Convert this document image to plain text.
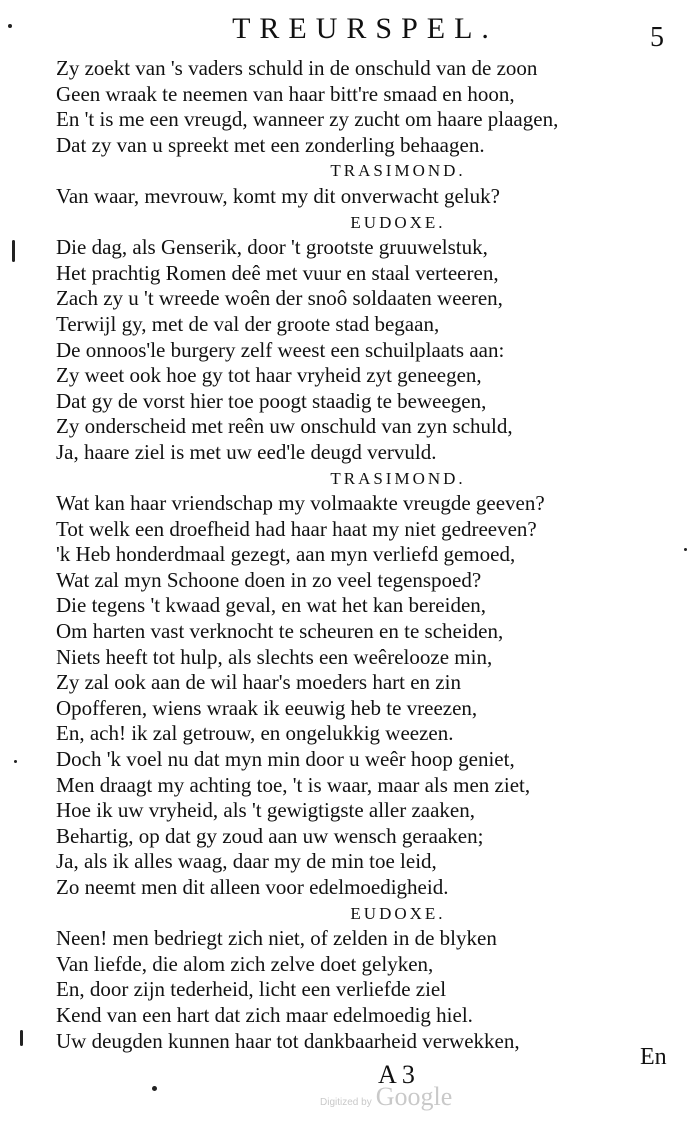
TREURSPEL.	5
Zy zoekt van 's vaders schuld in de onschuld van de zoon
Geen wraak te neemen van haar bitt're smaad en hoon,
En 't is me een vreugd, wanneer zy zucht om haare plaagen,
Dat zy van u spreekt met een zonderling behaagen.
TRASIMOND.
Van waar, mevrouw, komt my dit onverwacht geluk?
EUDOXE.
Die dag, als Genserik, door 't grootste gruuwelstuk,
Het prachtig Romen deê met vuur en staal verteeren,
Zach zy u 't wreede woên der snoô soldaaten weeren,
Terwijl gy, met de val der groote stad begaan,
De onnoos'le burgery zelf weest een schuilplaats aan:
Zy weet ook hoe gy tot haar vryheid zyt geneegen,
Dat gy de vorst hier toe poogt staadig te beweegen,
Zy onderscheid met reên uw onschuld van zyn schuld,
Ja, haare ziel is met uw eed'le deugd vervuld.
TRASIMOND.
Wat kan haar vriendschap my volmaakte vreugde geeven?
Tot welk een droefheid had haar haat my niet gedreeven?
'k Heb honderdmaal gezegt, aan myn verliefd gemoed,
Wat zal myn Schoone doen in zo veel tegenspoed?
Die tegens 't kwaad geval, en wat het kan bereiden,
Om harten vast verknocht te scheuren en te scheiden,
Niets heeft tot hulp, als slechts een weêrelooze min,
Zy zal ook aan de wil haar's moeders hart en zin
Opofferen, wiens wraak ik eeuwig heb te vreezen,
En, ach! ik zal getrouw, en ongelukkig weezen.
Doch 'k voel nu dat myn min door u weêr hoop geniet,
Men draagt my achting toe, 't is waar, maar als men ziet,
Hoe ik uw vryheid, als 't gewigtigste aller zaaken,
Behartig, op dat gy zoud aan uw wensch geraaken;
Ja, als ik alles waag, daar my de min toe leid,
Zo neemt men dit alleen voor edelmoedigheid.
EUDOXE.
Neen! men bedriegt zich niet, of zelden in de blyken
Van liefde, die alom zich zelve doet gelyken,
En, door zijn tederheid, licht een verliefde ziel
Kend van een hart dat zich maar edelmoedig hiel.
Uw deugden kunnen haar tot dankbaarheid verwekken,
A 3
En
Digitized by Google
